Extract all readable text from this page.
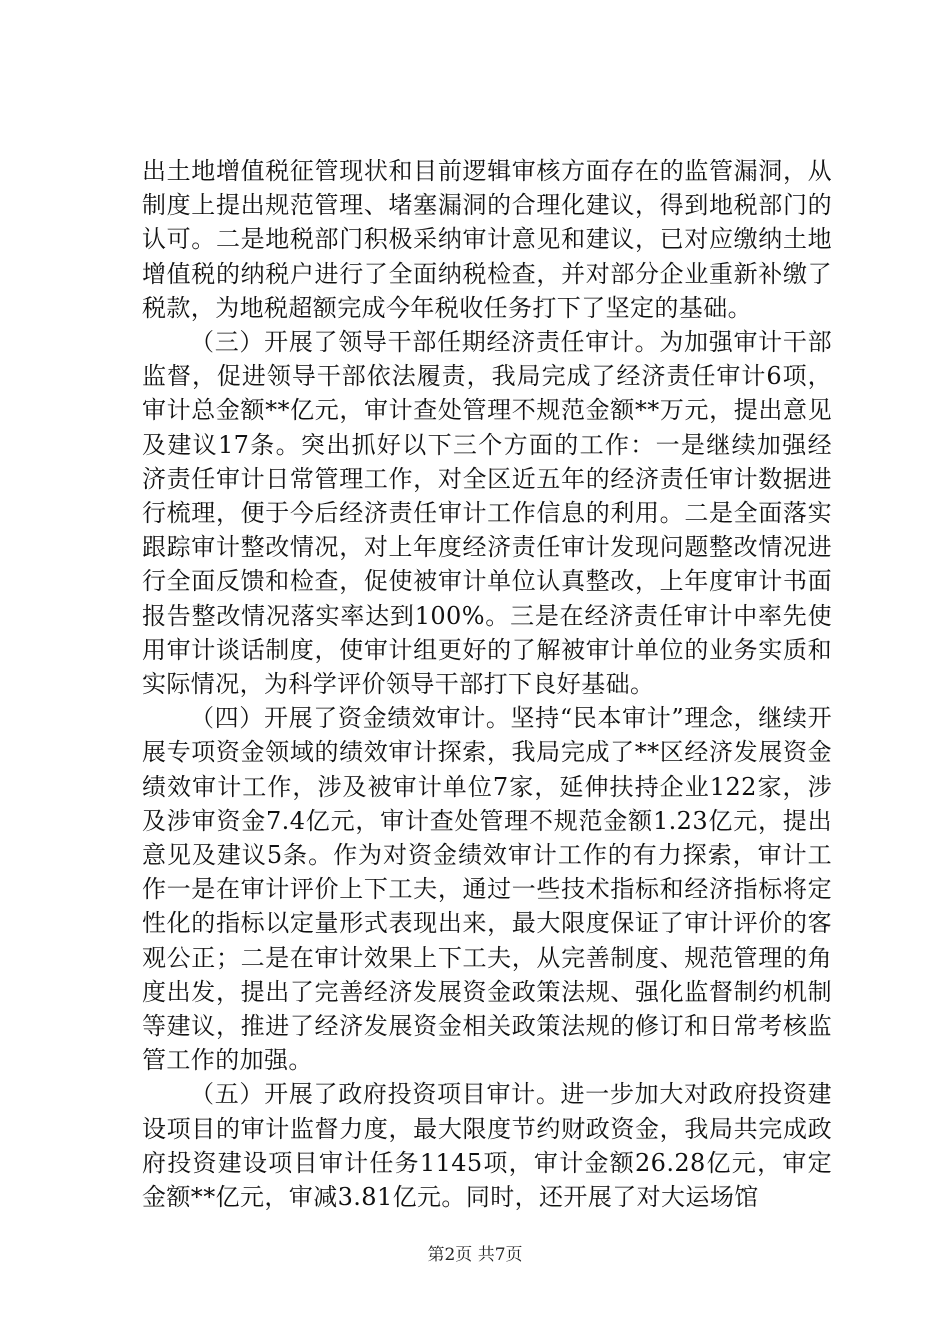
出土地增值税征管现状和目前逻辑审核方面存在的监管漏洞，从制度上提出规范管理、堵塞漏洞的合理化建议，得到地税部门的认可。二是地税部门积极采纳审计意见和建议，已对应缴纳土地增值税的纳税户进行了全面纳税检查，并对部分企业重新补缴了税款，为地税超额完成今年税收任务打下了坚定的基础。

（三）开展了领导干部任期经济责任审计。为加强审计干部监督，促进领导干部依法履责，我局完成了经济责任审计6项，审计总金额**亿元，审计查处管理不规范金额**万元，提出意见及建议17条。突出抓好以下三个方面的工作：一是继续加强经济责任审计日常管理工作，对全区近五年的经济责任审计数据进行梳理，便于今后经济责任审计工作信息的利用。二是全面落实跟踪审计整改情况，对上年度经济责任审计发现问题整改情况进行全面反馈和检查，促使被审计单位认真整改，上年度审计书面报告整改情况落实率达到100%。三是在经济责任审计中率先使用审计谈话制度，使审计组更好的了解被审计单位的业务实质和实际情况，为科学评价领导干部打下良好基础。

（四）开展了资金绩效审计。坚持“民本审计”理念，继续开展专项资金领域的绩效审计探索，我局完成了**区经济发展资金绩效审计工作，涉及被审计单位7家，延伸扶持企业122家，涉及涉审资金7.4亿元，审计查处管理不规范金额1.23亿元，提出意见及建议5条。作为对资金绩效审计工作的有力探索，审计工作一是在审计评价上下工夫，通过一些技术指标和经济指标将定性化的指标以定量形式表现出来，最大限度保证了审计评价的客观公正；二是在审计效果上下工夫，从完善制度、规范管理的角度出发，提出了完善经济发展资金政策法规、强化监督制约机制等建议，推进了经济发展资金相关政策法规的修订和日常考核监管工作的加强。

（五）开展了政府投资项目审计。进一步加大对政府投资建设项目的审计监督力度，最大限度节约财政资金，我局共完成政府投资建设项目审计任务1145项，审计金额26.28亿元，审定金额**亿元，审减3.81亿元。同时，还开展了对大运场馆

第2页 共7页
